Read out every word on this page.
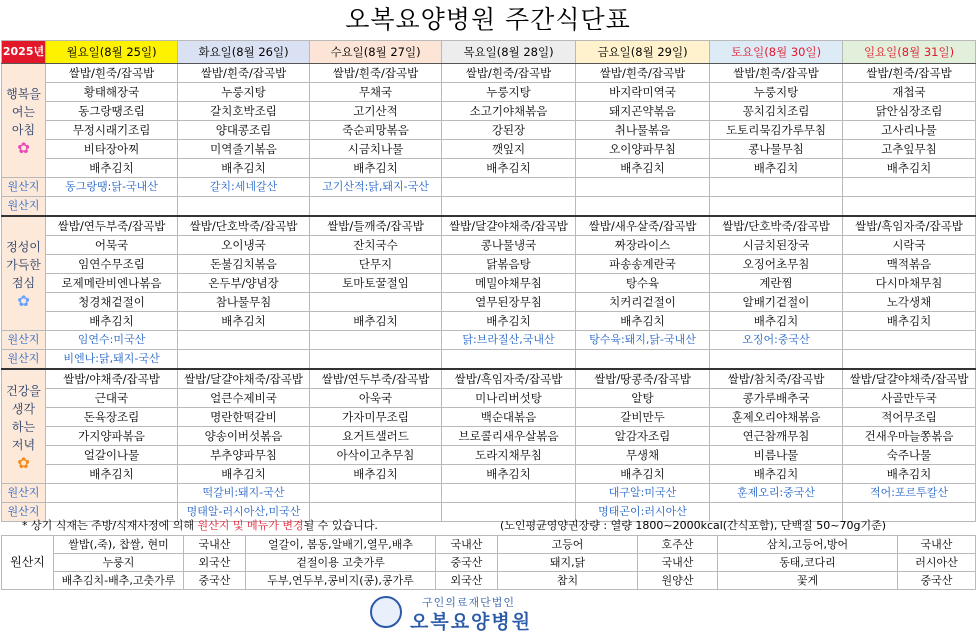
오복요양병원 주간식단표
2025년	월요일(8월 25일)	화요일(8월 26일)	수요일(8월 27일)	목요일(8월 28일)	금요일(8월 29일)	토요일(8월 30일)	일요일(8월 31일)

행복을
여는
아침
✿	쌀밥/흰죽/잡곡밥	쌀밥/흰죽/잡곡밥	쌀밥/흰죽/잡곡밥	쌀밥/흰죽/잡곡밥	쌀밥/흰죽/잡곡밥	쌀밥/흰죽/잡곡밥	쌀밥/흰죽/잡곡밥
	황태해장국	누룽지탕	무채국	누룽지탕	바지락미역국	누룽지탕	재첩국
	동그랑땡조림	갈치호박조림	고기산적	소고기야채볶음	돼지곤약볶음	꽁치김치조림	닭안심장조림
	무정시래기조림	양대콩조림	죽순피망볶음	강된장	취나물볶음	도토리묵김가루무침	고사리나물
	비타장아찌	미역줄기볶음	시금치나물	깻잎지	오이양파무침	콩나물무침	고추잎무침
	배추김치	배추김치	배추김치	배추김치	배추김치	배추김치	배추김치
원산지	동그랑땡:닭-국내산	갈치:세네갈산	고기산적:닭,돼지-국산				
원산지							

정성이
가득한
점심
✿	쌀밥/연두부죽/잡곡밥	쌀밥/단호박죽/잡곡밥	쌀밥/들깨죽/잡곡밥	쌀밥/달걀야채죽/잡곡밥	쌀밥/새우살죽/잡곡밥	쌀밥/단호박죽/잡곡밥	쌀밥/흑임자죽/잡곡밥
	어묵국	오이냉국	잔치국수	콩나물냉국	짜장라이스	시금치된장국	시락국
	임연수무조림	돈불김치볶음	단무지	닭볶음탕	파송송계란국	오징어초무침	맥적볶음
	로제메란비엔나볶음	온두부/양념장	토마토꿀절임	메밀야채무침	탕수육	계란찜	다시마채무침
	청경채겉절이	참나물무침		열무된장무침	치커리겉절이	알배기겉절이	노각생채
	배추김치	배추김치	배추김치	배추김치	배추김치	배추김치	배추김치
원산지	임연수:미국산			닭:브라질산,국내산	탕수육:돼지,닭-국내산	오징어:중국산	
원산지	비엔나:닭,돼지-국산						

건강을
생각
하는
저녁
✿	쌀밥/야채죽/잡곡밥	쌀밥/달걀야채죽/잡곡밥	쌀밥/연두부죽/잡곡밥	쌀밥/흑임자죽/잡곡밥	쌀밥/땅콩죽/잡곡밥	쌀밥/참치죽/잡곡밥	쌀밥/달걀야채죽/잡곡밥
	근대국	얼큰수제비국	아욱국	미나리버섯탕	알탕	콩가루배추국	사골만두국
	돈육장조림	명란한떡갈비	가자미무조림	백순대볶음	갈비만두	훈제오리야채볶음	적어무조림
	가지양파볶음	양송이버섯볶음	요거트샐러드	브로콜리새우살볶음	알감자조림	연근참깨무침	건새우마늘쫑볶음
	얼갈이나물	부추양파무침	아삭이고추무침	도라지채무침	무생채	비름나물	숙주나물
	배추김치	배추김치	배추김치	배추김치	배추김치	배추김치	배추김치
원산지		떡갈비:돼지-국산			대구알:미국산	훈제오리:중국산	적어:포르투칼산
원산지		명태알-러시아산,미국산			명태곤이:러시아산		
* 상기 식재는 주방/식재사정에 의해 원산지 및 메뉴가 변경될 수 있습니다.	(노인평균영양권장량 : 열량 1800~2000kcal(간식포함), 단백질 50~70g기준)
원산지	쌀밥(,죽), 찹쌀, 현미	국내산	얼갈이, 봄동,알배기,열무,배추	국내산	고등어	호주산	삼치,고등어,방어	국내산
	누룽지	외국산	겉절이용 고춧가루	중국산	돼지,닭	국내산	동태,코다리	러시아산
	배추김치-배추,고춧가루	중국산	두부,연두부,콩비지(콩),콩가루	외국산	참치	원양산	꽃게	중국산
구인의료재단법인
오복요양병원
